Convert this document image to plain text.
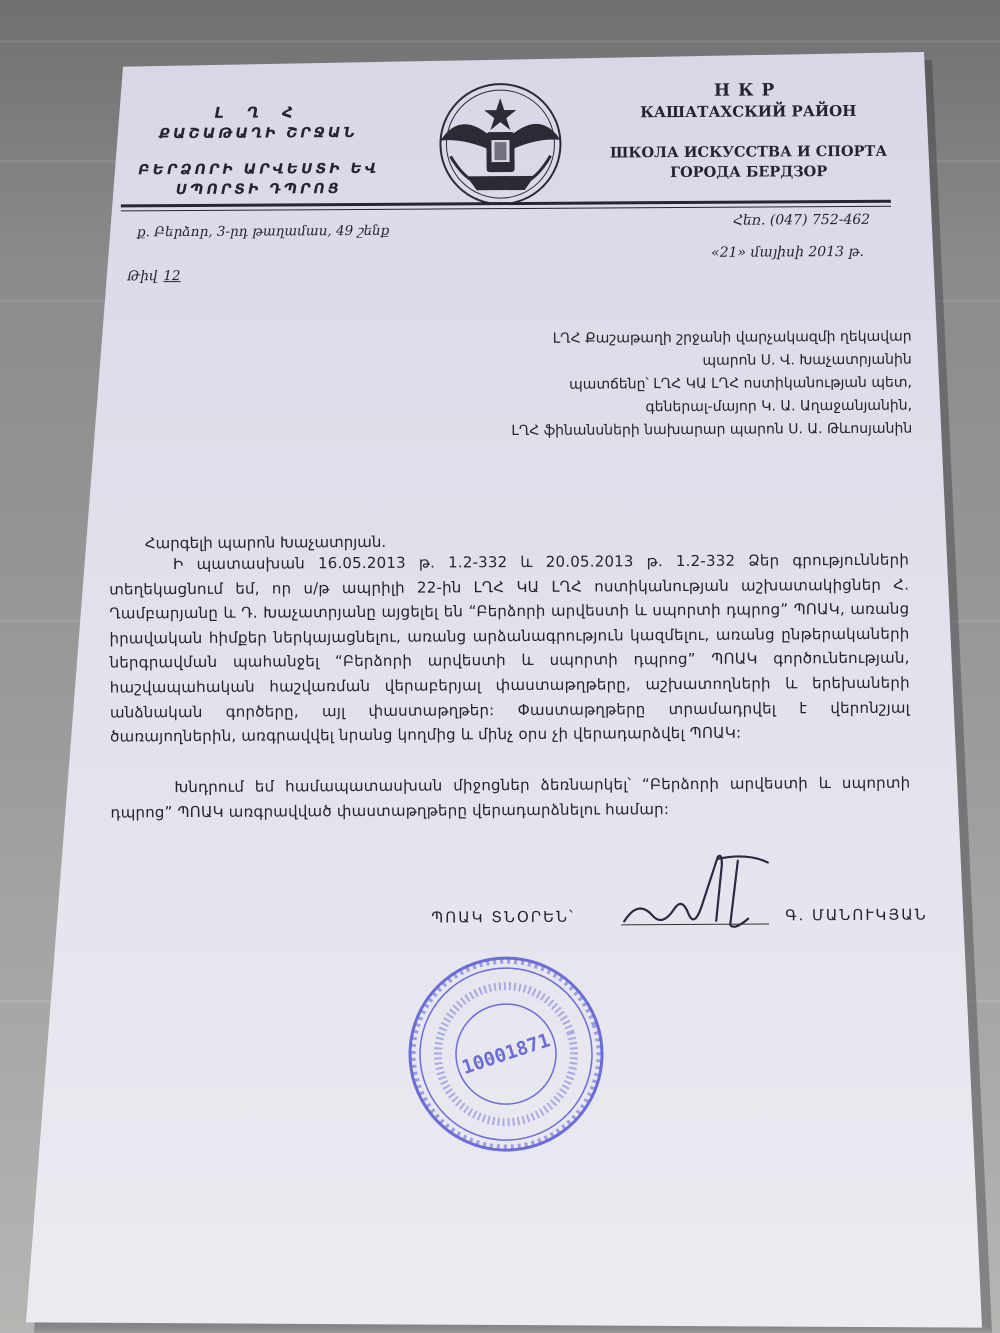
Լ Ղ Հ
ՔԱՇԱԹԱՂԻ ՇՐՋԱՆ
ԲԵՐՁՈՐԻ ԱՐՎԵՍՏԻ ԵՎ
ՍՊՈՐՏԻ ԴՊՐՈՑ
НКР
КАШАТАХСКИЙ РАЙОН
ШКОЛА ИСКУССТВА И СПОРТА
ГОРОДА БЕРДЗОР
ք. Բերձոր, 3-րդ թաղամաս, 49 շենք
Հեռ. (047) 752-462
«21» մայիսի 2013 թ.
Թիվ 12
ԼՂՀ Քաշաթաղի շրջանի վարչակազմի ղեկավար
պարոն Ս. Վ. Խաչատրյանին
պատճենը՝ ԼՂՀ ԿԱ ԼՂՀ ոստիկանության պետ,
գեներալ-մայոր Կ. Ա. Աղաջանյանին,
ԼՂՀ ֆինանսների նախարար պարոն Ս. Ա. Թևոսյանին
Հարգելի պարոն Խաչատրյան.
Ի պատասխան 16.05.2013 թ. 1.2-332 և 20.05.2013 թ. 1.2-332 Ձեր գրությունների տեղեկացնում եմ, որ ս/թ ապրիլի 22-ին ԼՂՀ ԿԱ ԼՂՀ ոստիկանության աշխատակիցներ Հ. Ղամբարյանը և Դ. Խաչատրյանը այցելել են “Բերձորի արվեստի և սպորտի դպրոց” ՊՈԱԿ, առանց իրավական հիմքեր ներկայացնելու, առանց արձանագրություն կազմելու, առանց ընթերակաների ներգրավման պահանջել “Բերձորի արվեստի և սպորտի դպրոց” ՊՈԱԿ գործունեության, հաշվապահական հաշվառման վերաբերյալ փաստաթղթերը, աշխատողների և երեխաների անձնական գործերը, այլ փաստաթղթեր: Փաստաթղթերը տրամադրվել է վերոնշյալ ծառայողներին, առգրավվել նրանց կողմից և մինչ օրս չի վերադարձվել ՊՈԱԿ:
Խնդրում եմ համապատասխան միջոցներ ձեռնարկել՝ “Բերձորի արվեստի և սպորտի դպրոց” ՊՈԱԿ առգրավված փաստաթղթերը վերադարձնելու համար:
ՊՈԱԿ ՏՆՕՐԵՆ՝	Գ. ՄԱՆՈՒԿՅԱՆ
10001871
